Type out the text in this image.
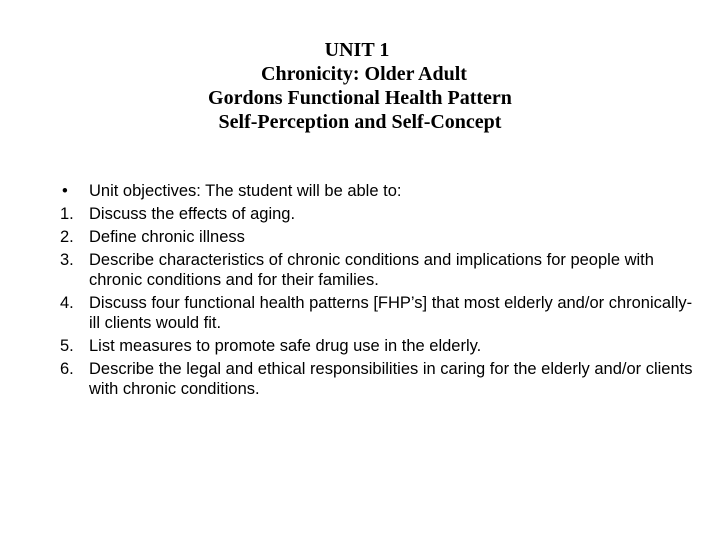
UNIT 1
Chronicity: Older Adult
Gordons Functional Health Pattern
Self-Perception and Self-Concept
•	Unit objectives: The student will be able to:
1. Discuss the effects of aging.
2. Define chronic illness
3. Describe characteristics of chronic conditions and implications for people with chronic conditions and for their families.
4. Discuss four functional health patterns [FHP’s] that most elderly and/or chronically-ill clients would fit.
5. List measures to promote safe drug use in the elderly.
6. Describe the legal and ethical responsibilities in caring for the elderly and/or clients with chronic conditions.
